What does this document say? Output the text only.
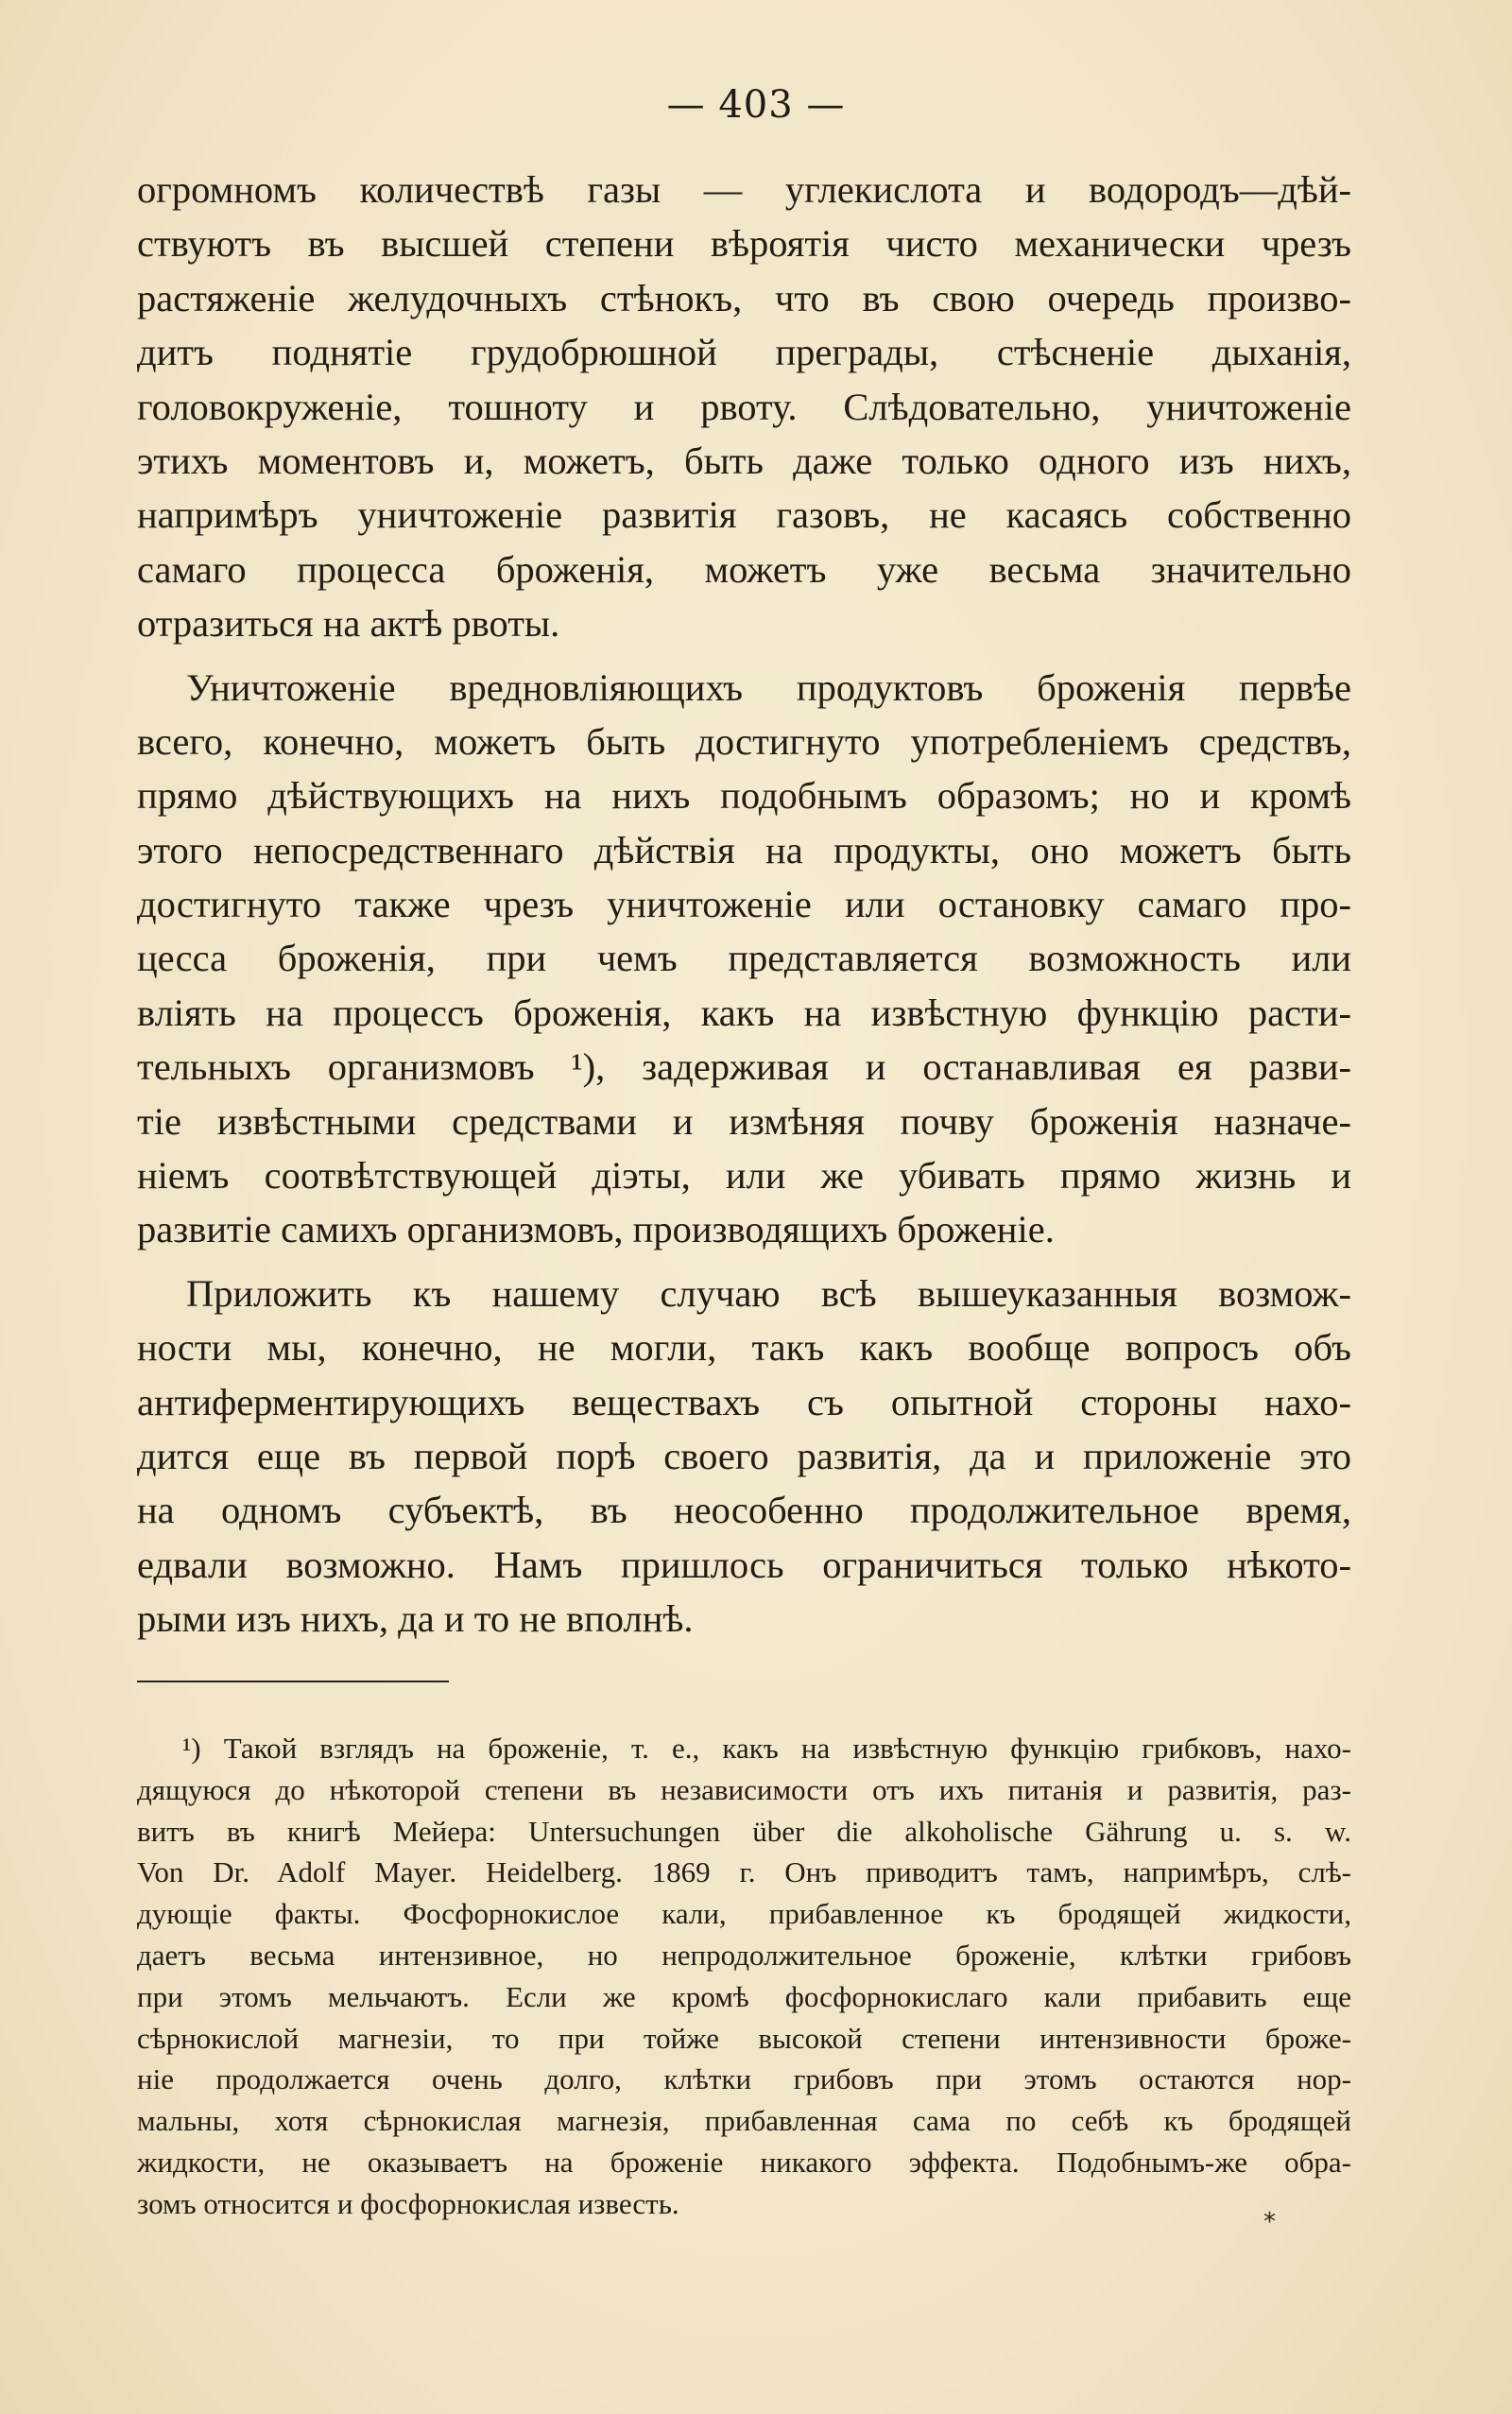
— 403 —

огромномъ количествѣ газы — углекислота и водородъ—дѣй-
ствуютъ въ высшей степени вѣроятія чисто механически чрезъ
растяженіе желудочныхъ стѣнокъ, что въ свою очередь произво-
дитъ поднятіе грудобрюшной преграды, стѣсненіе дыханія,
головокруженіе, тошноту и рвоту. Слѣдовательно, уничтоженіе
этихъ моментовъ и, можетъ, быть даже только одного изъ нихъ,
напримѣръ уничтоженіе развитія газовъ, не касаясь собственно
самаго процесса броженія, можетъ уже весьма значительно
отразиться на актѣ рвоты.

Уничтоженіе вредновліяющихъ продуктовъ броженія первѣе
всего, конечно, можетъ быть достигнуто употребленіемъ средствъ,
прямо дѣйствующихъ на нихъ подобнымъ образомъ; но и кромѣ
этого непосредственнаго дѣйствія на продукты, оно можетъ быть
достигнуто также чрезъ уничтоженіе или остановку самаго про-
цесса броженія, при чемъ представляется возможность или
вліять на процессъ броженія, какъ на извѣстную функцію расти-
тельныхъ организмовъ ¹), задерживая и останавливая ея разви-
тіе извѣстными средствами и измѣняя почву броженія назначе-
ніемъ соотвѣтствующей діэты, или же убивать прямо жизнь и
развитіе самихъ организмовъ, производящихъ броженіе.

Приложить къ нашему случаю всѣ вышеуказанныя возмож-
ности мы, конечно, не могли, такъ какъ вообще вопросъ объ
антиферментирующихъ веществахъ съ опытной стороны нахо-
дится еще въ первой порѣ своего развитія, да и приложеніе это
на одномъ субъектѣ, въ неособенно продолжительное время,
едвали возможно. Намъ пришлось ограничиться только нѣкото-
рыми изъ нихъ, да и то не вполнѣ.

¹) Такой взглядъ на броженіе, т. е., какъ на извѣстную функцію грибковъ, нахо-
дящуюся до нѣкоторой степени въ независимости отъ ихъ питанія и развитія, раз-
витъ въ книгѣ Мейера: Untersuchungen über die alkoholische Gährung u. s. w.
Von Dr. Adolf Mayer. Heidelberg. 1869 г. Онъ приводитъ тамъ, напримѣръ, слѣ-
дующіе факты. Фосфорнокислое кали, прибавленное къ бродящей жидкости,
даетъ весьма интензивное, но непродолжительное броженіе, клѣтки грибовъ
при этомъ мельчаютъ. Если же кромѣ фосфорнокислаго кали прибавить еще
сѣрнокислой магнезіи, то при тойже высокой степени интензивности броже-
ніе продолжается очень долго, клѣтки грибовъ при этомъ остаются нор-
мальны, хотя сѣрнокислая магнезія, прибавленная сама по себѣ къ бродящей
жидкости, не оказываетъ на броженіе никакого эффекта. Подобнымъ-же обра-
зомъ относится и фосфорнокислая известь.
*
